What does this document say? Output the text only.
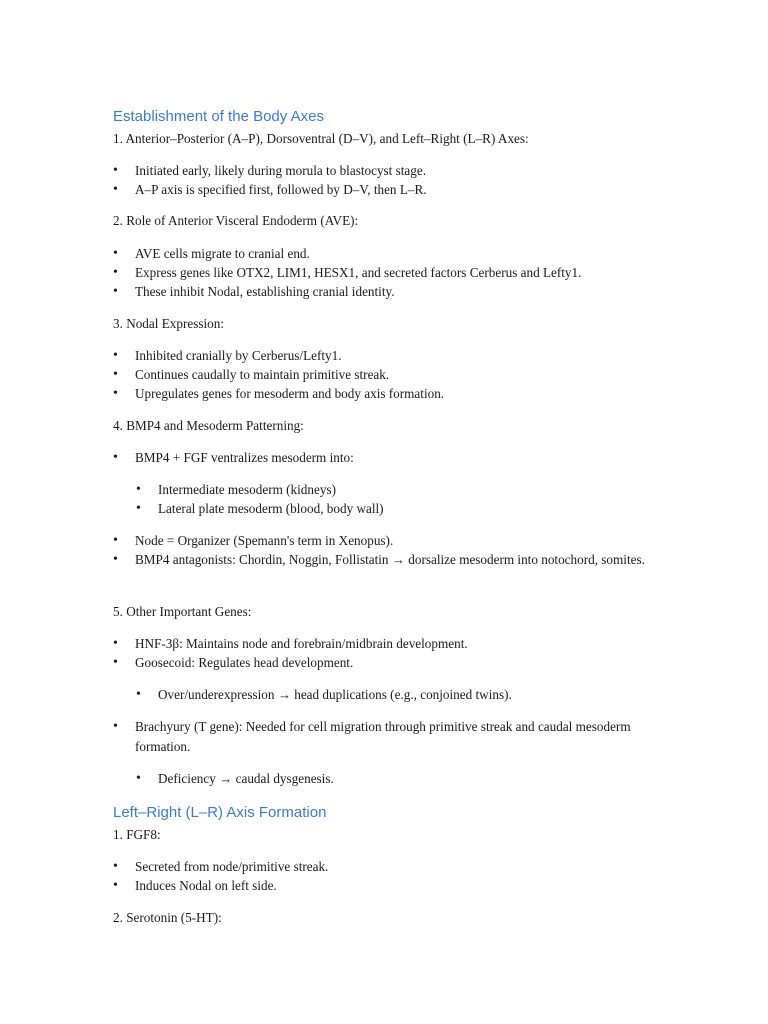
Establishment of the Body Axes
1. Anterior–Posterior (A–P), Dorsoventral (D–V), and Left–Right (L–R) Axes:
•	Initiated early, likely during morula to blastocyst stage.
•	A–P axis is specified first, followed by D–V, then L–R.
2. Role of Anterior Visceral Endoderm (AVE):
•	AVE cells migrate to cranial end.
•	Express genes like OTX2, LIM1, HESX1, and secreted factors Cerberus and Lefty1.
•	These inhibit Nodal, establishing cranial identity.
3. Nodal Expression:
•	Inhibited cranially by Cerberus/Lefty1.
•	Continues caudally to maintain primitive streak.
•	Upregulates genes for mesoderm and body axis formation.
4. BMP4 and Mesoderm Patterning:
•	BMP4 + FGF ventralizes mesoderm into:
•	Intermediate mesoderm (kidneys)
•	Lateral plate mesoderm (blood, body wall)
•	Node = Organizer (Spemann's term in Xenopus).
•	BMP4 antagonists: Chordin, Noggin, Follistatin → dorsalize mesoderm into notochord, somites.
5. Other Important Genes:
•	HNF-3β: Maintains node and forebrain/midbrain development.
•	Goosecoid: Regulates head development.
•	Over/underexpression → head duplications (e.g., conjoined twins).
•	Brachyury (T gene): Needed for cell migration through primitive streak and caudal mesoderm formation.
•	Deficiency → caudal dysgenesis.
Left–Right (L–R) Axis Formation
1. FGF8:
•	Secreted from node/primitive streak.
•	Induces Nodal on left side.
2. Serotonin (5-HT):
